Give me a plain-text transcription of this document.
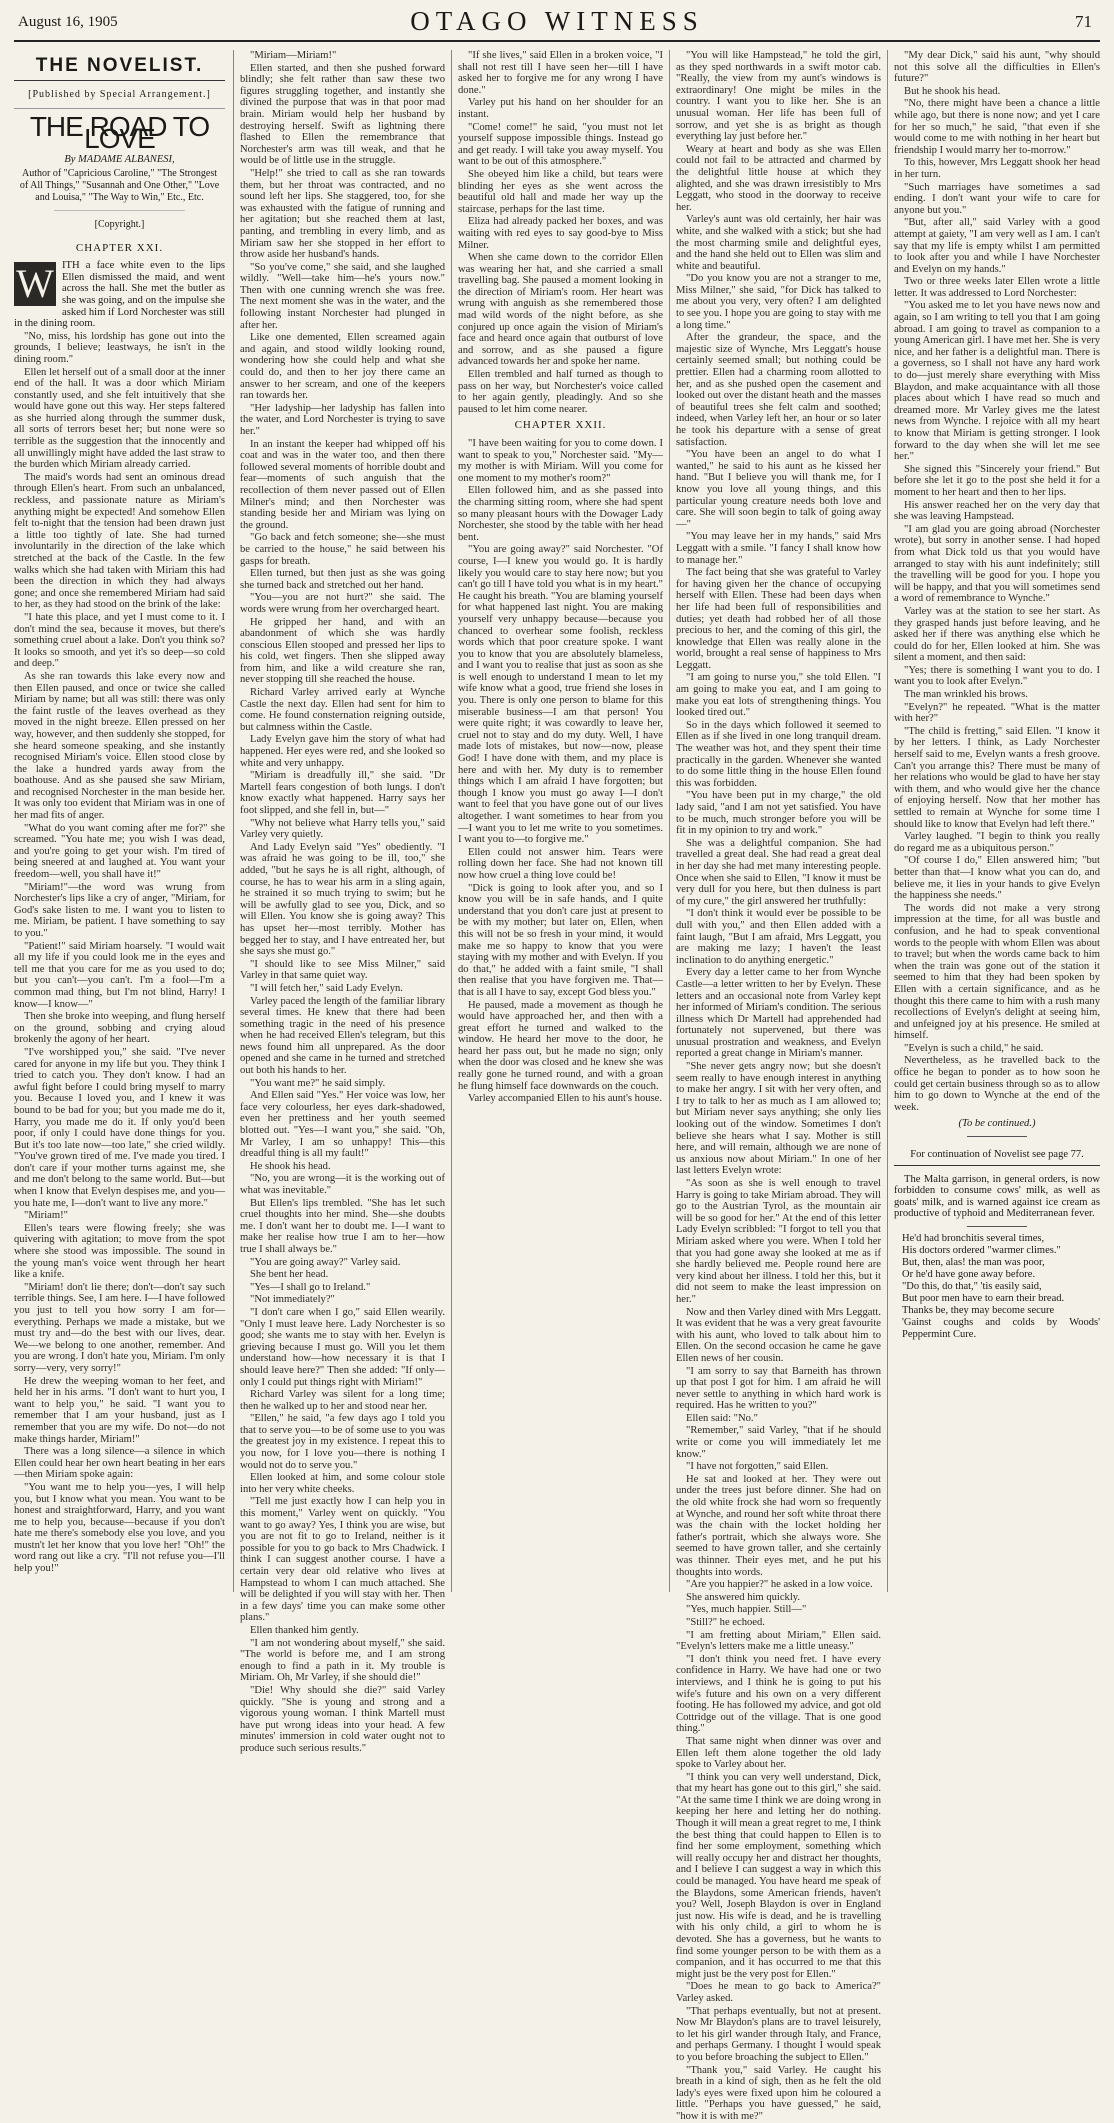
August 16, 1905	OTAGO WITNESS	71
THE NOVELIST.
[Published by Special Arrangement.]
THE ROAD TO LOVE
By MADAME ALBANESI,
Author of "Capricious Caroline," "The Strongest of All Things," "Susannah and One Other," "Love and Louisa," "The Way to Win," Etc., Etc.
[Copyright.]
CHAPTER XXI.

W ITH a face white even to the lips Ellen dismissed the maid, and went across the hall. She met the butler as she was going, and on the impulse she asked him if Lord Norchester was still in the dining room.

"No, miss, his lordship has gone out into the grounds, I believe; leastways, he isn't in the dining room."

Ellen let herself out of a small door at the inner end of the hall. It was a door which Miriam constantly used, and she felt intuitively that she would have gone out this way. Her steps faltered as she hurried along through the summer dusk, all sorts of terrors beset her; but none were so terrible as the suggestion that the innocently and all unwillingly might have added the last straw to the burden which Miriam already carried.

The maid's words had sent an ominous dread through Ellen's heart. From such an unbalanced, reckless, and passionate nature as Miriam's anything might be expected! And somehow Ellen felt to-night that the tension had been drawn just a little too tightly of late. She had turned involuntarily in the direction of the lake which stretched at the back of the Castle. In the few walks which she had taken with Miriam this had been the direction in which they had always gone; and once she remembered Miriam had said to her, as they had stood on the brink of the lake:

"I hate this place, and yet I must come to it. I don't mind the sea, because it moves, but there's something cruel about a lake. Don't you think so? It looks so smooth, and yet it's so deep—so cold and deep."

As she ran towards this lake every now and then Ellen paused, and once or twice she called Miriam by name; but all was still: there was only the faint rustle of the leaves overhead as they moved in the night breeze. Ellen pressed on her way, however, and then suddenly she stopped, for she heard someone speaking, and she instantly recognised Miriam's voice. Ellen stood close by the lake a hundred yards away from the boathouse. And as she paused she saw Miriam, and recognised Norchester in the man beside her. It was only too evident that Miriam was in one of her mad fits of anger.

"What do you want coming after me for?" she screamed. "You hate me; you wish I was dead, and you're going to get your wish. I'm tired of being sneered at and laughed at. You want your freedom—well, you shall have it!"

"Miriam!"—the word was wrung from Norchester's lips like a cry of anger, "Miriam, for God's sake listen to me. I want you to listen to me. Miriam, be patient. I have something to say to you."

"Patient!" said Miriam hoarsely. "I would wait all my life if you could look me in the eyes and tell me that you care for me as you used to do; but you can't—you can't. I'm a fool—I'm a common mad thing, but I'm not blind, Harry! I know—I know—"

Then she broke into weeping, and flung herself on the ground, sobbing and crying aloud brokenly the agony of her heart.

"I've worshipped you," she said. "I've never cared for anyone in my life but you. They think I tried to catch you. They don't know. I had an awful fight before I could bring myself to marry you. Because I loved you, and I knew it was bound to be bad for you; but you made me do it, Harry, you made me do it. If only you'd been poor, if only I could have done things for you. But it's too late now—too late," she cried wildly. "You've grown tired of me. I've made you tired. I don't care if your mother turns against me, she and me don't belong to the same world. But—but when I know that Evelyn despises me, and you—you hate me, I—don't want to live any more."

"Miriam!"

Ellen's tears were flowing freely; she was quivering with agitation; to move from the spot where she stood was impossible. The sound in the young man's voice went through her heart like a knife.

"Miriam! don't lie there; don't—don't say such terrible things. See, I am here. I—I have followed you just to tell you how sorry I am for—everything. Perhaps we made a mistake, but we must try and—do the best with our lives, dear. We—we belong to one another, remember. And you are wrong. I don't hate you, Miriam. I'm only sorry—very, very sorry!"

He drew the weeping woman to her feet, and held her in his arms. "I don't want to hurt you, I want to help you," he said. "I want you to remember that I am your husband, just as I remember that you are my wife. Do not—do not make things harder, Miriam!"

There was a long silence—a silence in which Ellen could hear her own heart beating in her ears—then Miriam spoke again:

"You want me to help you—yes, I will help you, but I know what you mean. You want to be honest and straightforward, Harry, and you want me to help you, because—because if you don't hate me there's somebody else you love, and you mustn't let her know that you love her! "Oh!" the word rang out like a cry. "I'll not refuse you—I'll help you!"

"Miriam—Miriam!"

Ellen started, and then she pushed forward blindly; she felt rather than saw these two figures struggling together, and instantly she divined the purpose that was in that poor mad brain. Miriam would help her husband by destroying herself. Swift as lightning there flashed to Ellen the remembrance that Norchester's arm was till weak, and that he would be of little use in the struggle.

"Help!" she tried to call as she ran towards them, but her throat was contracted, and no sound left her lips. She staggered, too, for she was exhausted with the fatigue of running and her agitation; but she reached them at last, panting, and trembling in every limb, and as Miriam saw her she stopped in her effort to throw aside her husband's hands.

"So you've come," she said, and she laughed wildly. "Well—take him—he's yours now." Then with one cunning wrench she was free. The next moment she was in the water, and the following instant Norchester had plunged in after her.

Like one demented, Ellen screamed again and again, and stood wildly looking round, wondering how she could help and what she could do, and then to her joy there came an answer to her scream, and one of the keepers ran towards her.

"Her ladyship—her ladyship has fallen into the water, and Lord Norchester is trying to save her."

In an instant the keeper had whipped off his coat and was in the water too, and then there followed several moments of horrible doubt and fear—moments of such anguish that the recollection of them never passed out of Ellen Milner's mind; and then Norchester was standing beside her and Miriam was lying on the ground.

"Go back and fetch someone; she—she must be carried to the house," he said between his gasps for breath.

Ellen turned, but then just as she was going she turned back and stretched out her hand.

"You—you are not hurt?" she said. The words were wrung from her overcharged heart.

He gripped her hand, and with an abandonment of which she was hardly conscious Ellen stooped and pressed her lips to his cold, wet fingers. Then she slipped away from him, and like a wild creature she ran, never stopping till she reached the house.

Richard Varley arrived early at Wynche Castle the next day. Ellen had sent for him to come. He found consternation reigning outside, but calmness within the Castle.

Lady Evelyn gave him the story of what had happened. Her eyes were red, and she looked so white and very unhappy.

"Miriam is dreadfully ill," she said. "Dr Martell fears congestion of both lungs. I don't know exactly what happened. Harry says her foot slipped, and she fell in, but—"

"Why not believe what Harry tells you," said Varley very quietly.

And Lady Evelyn said "Yes" obediently. "I was afraid he was going to be ill, too," she added, "but he says he is all right, although, of course, he has to wear his arm in a sling again, he strained it so much trying to swim; but he will be awfully glad to see you, Dick, and so will Ellen. You know she is going away? This has upset her—most terribly. Mother has begged her to stay, and I have entreated her, but she says she must go."

"I should like to see Miss Milner," said Varley in that same quiet way.

"I will fetch her," said Lady Evelyn.

Varley paced the length of the familiar library several times. He knew that there had been something tragic in the need of his presence when he had received Ellen's telegram, but this news found him all unprepared. As the door opened and she came in he turned and stretched out both his hands to her.

"You want me?" he said simply.

And Ellen said "Yes." Her voice was low, her face very colourless, her eyes dark-shadowed, even her prettiness and her youth seemed blotted out. "Yes—I want you," she said. "Oh, Mr Varley, I am so unhappy! This—this dreadful thing is all my fault!"

He shook his head.

"No, you are wrong—it is the working out of what was inevitable."

But Ellen's lips trembled. "She has let such cruel thoughts into her mind. She—she doubts me. I don't want her to doubt me. I—I want to make her realise how true I am to her—how true I shall always be."

"You are going away?" Varley said.

She bent her head.

"Yes—I shall go to Ireland."

"Not immediately?"

"I don't care when I go," said Ellen wearily. "Only I must leave here. Lady Norchester is so good; she wants me to stay with her. Evelyn is grieving because I must go. Will you let them understand how—how necessary it is that I should leave here?" Then she added: "If only—only I could put things right with Miriam!"

Richard Varley was silent for a long time; then he walked up to her and stood near her.

"Ellen," he said, "a few days ago I told you that to serve you—to be of some use to you was the greatest joy in my existence. I repeat this to you now, for I love you—there is nothing I would not do to serve you."

Ellen looked at him, and some colour stole into her very white cheeks.

"Tell me just exactly how I can help you in this moment," Varley went on quickly. "You want to go away? Yes, I think you are wise, but you are not fit to go to Ireland, neither is it possible for you to go back to Mrs Chadwick. I think I can suggest another course. I have a certain very dear old relative who lives at Hampstead to whom I can much attached. She will be delighted if you will stay with her. Then in a few days' time you can make some other plans."

Ellen thanked him gently.

"I am not wondering about myself," she said. "The world is before me, and I am strong enough to find a path in it. My trouble is Miriam. Oh, Mr Varley, if she should die!"

"Die! Why should she die?" said Varley quickly. "She is young and strong and a vigorous young woman. I think Martell must have put wrong ideas into your head. A few minutes' immersion in cold water ought not to produce such serious results."

"If she lives," said Ellen in a broken voice, "I shall not rest till I have seen her—till I have asked her to forgive me for any wrong I have done."

Varley put his hand on her shoulder for an instant.

"Come! come!" he said, "you must not let yourself suppose impossible things. Instead go and get ready. I will take you away myself. You want to be out of this atmosphere."

She obeyed him like a child, but tears were blinding her eyes as she went across the beautiful old hall and made her way up the staircase, perhaps for the last time.

Eliza had already packed her boxes, and was waiting with red eyes to say good-bye to Miss Milner.

When she came down to the corridor Ellen was wearing her hat, and she carried a small travelling bag. She paused a moment looking in the direction of Miriam's room. Her heart was wrung with anguish as she remembered those mad wild words of the night before, as she conjured up once again the vision of Miriam's face and heard once again that outburst of love and sorrow, and as she paused a figure advanced towards her and spoke her name.

Ellen trembled and half turned as though to pass on her way, but Norchester's voice called to her again gently, pleadingly. And so she paused to let him come nearer.

CHAPTER XXII.

"I have been waiting for you to come down. I want to speak to you," Norchester said. "My—my mother is with Miriam. Will you come for one moment to my mother's room?"

Ellen followed him, and as she passed into the charming sitting room, where she had spent so many pleasant hours with the Dowager Lady Norchester, she stood by the table with her head bent.

"You are going away?" said Norchester. "Of course, I—I knew you would go. It is hardly likely you would care to stay here now; but you can't go till I have told you what is in my heart." He caught his breath. "You are blaming yourself for what happened last night. You are making yourself very unhappy because—because you chanced to overhear some foolish, reckless words which that poor creature spoke. I want you to know that you are absolutely blameless, and I want you to realise that just as soon as she is well enough to understand I mean to let my wife know what a good, true friend she loses in you. There is only one person to blame for this miserable business—I am that person! You were quite right; it was cowardly to leave her, cruel not to stay and do my duty. Well, I have made lots of mistakes, but now—now, please God! I have done with them, and my place is here and with her. My duty is to remember things which I am afraid I have forgotten; but though I know you must go away I—I don't want to feel that you have gone out of our lives altogether. I want sometimes to hear from you—I want you to let me write to you sometimes. I want you to—to forgive me."

Ellen could not answer him. Tears were rolling down her face. She had not known till now how cruel a thing love could be!

"Dick is going to look after you, and so I know you will be in safe hands, and I quite understand that you don't care just at present to be with my mother; but later on, Ellen, when this will not be so fresh in your mind, it would make me so happy to know that you were staying with my mother and with Evelyn. If you do that," he added with a faint smile, "I shall then realise that you have forgiven me. That—that is all I have to say, except God bless you."

He paused, made a movement as though he would have approached her, and then with a great effort he turned and walked to the window. He heard her move to the door, he heard her pass out, but he made no sign; only when the door was closed and he knew she was really gone he turned round, and with a groan he flung himself face downwards on the couch.

Varley accompanied Ellen to his aunt's house.

"You will like Hampstead," he told the girl, as they sped northwards in a swift motor cab. "Really, the view from my aunt's windows is extraordinary! One might be miles in the country. I want you to like her. She is an unusual woman. Her life has been full of sorrow, and yet she is as bright as though everything lay just before her."

Weary at heart and body as she was Ellen could not fail to be attracted and charmed by the delightful little house at which they alighted, and she was drawn irresistibly to Mrs Leggatt, who stood in the doorway to receive her.

Varley's aunt was old certainly, her hair was white, and she walked with a stick; but she had the most charming smile and delightful eyes, and the hand she held out to Ellen was slim and white and beautiful.

"Do you know you are not a stranger to me, Miss Milner," she said, "for Dick has talked to me about you very, very often? I am delighted to see you. I hope you are going to stay with me a long time."

After the grandeur, the space, and the majestic size of Wynche, Mrs Leggatt's house certainly seemed small; but nothing could be prettier. Ellen had a charming room allotted to her, and as she pushed open the casement and looked out over the distant heath and the masses of beautiful trees she felt calm and soothed; indeed, when Varley left her, an hour or so later he took his departure with a sense of great satisfaction.

"You have been an angel to do what I wanted," he said to his aunt as he kissed her hand. "But I believe you will thank me, for I know you love all young things, and this particular young creature needs both love and care. She will soon begin to talk of going away—"

"You may leave her in my hands," said Mrs Leggatt with a smile. "I fancy I shall know how to manage her."

The fact being that she was grateful to Varley for having given her the chance of occupying herself with Ellen. These had been days when her life had been full of responsibilities and duties; yet death had robbed her of all those precious to her, and the coming of this girl, the knowledge that Ellen was really alone in the world, brought a real sense of happiness to Mrs Leggatt.

"I am going to nurse you," she told Ellen. "I am going to make you eat, and I am going to make you eat lots of strengthening things. You looked tired out."

So in the days which followed it seemed to Ellen as if she lived in one long tranquil dream. The weather was hot, and they spent their time practically in the garden. Whenever she wanted to do some little thing in the house Ellen found this was forbidden.

"You have been put in my charge," the old lady said, "and I am not yet satisfied. You have to be much, much stronger before you will be fit in my opinion to try and work."

She was a delightful companion. She had travelled a great deal. She had read a great deal in her day she had met many interesting people. Once when she said to Ellen, "I know it must be very dull for you here, but then dulness is part of my cure," the girl answered her truthfully:

"I don't think it would ever be possible to be dull with you," and then Ellen added with a faint laugh, "But I am afraid, Mrs Leggatt, you are making me lazy; I haven't the least inclination to do anything energetic."

Every day a letter came to her from Wynche Castle—a letter written to her by Evelyn. These letters and an occasional note from Varley kept her informed of Miriam's condition. The serious illness which Dr Martell had apprehended had fortunately not supervened, but there was unusual prostration and weakness, and Evelyn reported a great change in Miriam's manner.

"She never gets angry now; but she doesn't seem really to have enough interest in anything to make her angry. I sit with her very often, and I try to talk to her as much as I am allowed to; but Miriam never says anything; she only lies looking out of the window. Sometimes I don't believe she hears what I say. Mother is still here, and will remain, although we are none of us anxious now about Miriam." In one of her last letters Evelyn wrote:

"As soon as she is well enough to travel Harry is going to take Miriam abroad. They will go to the Austrian Tyrol, as the mountain air will be so good for her." At the end of this letter Lady Evelyn scribbled: "I forgot to tell you that Miriam asked where you were. When I told her that you had gone away she looked at me as if she hardly believed me. People round here are very kind about her illness. I told her this, but it did not seem to make the least impression on her."

Now and then Varley dined with Mrs Leggatt. It was evident that he was a very great favourite with his aunt, who loved to talk about him to Ellen. On the second occasion he came he gave Ellen news of her cousin.

"I am sorry to say that Barneith has thrown up that post I got for him. I am afraid he will never settle to anything in which hard work is required. Has he written to you?"

Ellen said: "No."

"Remember," said Varley, "that if he should write or come you will immediately let me know."

"I have not forgotten," said Ellen.

He sat and looked at her. They were out under the trees just before dinner. She had on the old white frock she had worn so frequently at Wynche, and round her soft white throat there was the chain with the locket holding her father's portrait, which she always wore. She seemed to have grown taller, and she certainly was thinner. Their eyes met, and he put his thoughts into words.

"Are you happier?" he asked in a low voice.

She answered him quickly.

"Yes, much happier. Still—"

"Still?" he echoed.

"I am fretting about Miriam," Ellen said. "Evelyn's letters make me a little uneasy."

"I don't think you need fret. I have every confidence in Harry. We have had one or two interviews, and I think he is going to put his wife's future and his own on a very different footing. He has followed my advice, and got old Cottridge out of the village. That is one good thing."

That same night when dinner was over and Ellen left them alone together the old lady spoke to Varley about her.

"I think you can very well understand, Dick, that my heart has gone out to this girl," she said. "At the same time I think we are doing wrong in keeping her here and letting her do nothing. Though it will mean a great regret to me, I think the best thing that could happen to Ellen is to find her some employment, something which will really occupy her and distract her thoughts, and I believe I can suggest a way in which this could be managed. You have heard me speak of the Blaydons, some American friends, haven't you? Well, Joseph Blaydon is over in England just now. His wife is dead, and he is travelling with his only child, a girl to whom he is devoted. She has a governess, but he wants to find some younger person to be with them as a companion, and it has occurred to me that this might just be the very post for Ellen."

"Does he mean to go back to America?" Varley asked.

"That perhaps eventually, but not at present. Now Mr Blaydon's plans are to travel leisurely, to let his girl wander through Italy, and France, and perhaps Germany. I thought I would speak to you before broaching the subject to Ellen."

"Thank you," said Varley. He caught his breath in a kind of sigh, then as he felt the old lady's eyes were fixed upon him he coloured a little. "Perhaps you have guessed," he said, "how it is with me?"

"My dear Dick," said his aunt, "why should not this solve all the difficulties in Ellen's future?"

But he shook his head.

"No, there might have been a chance a little while ago, but there is none now; and yet I care for her so much," he said, "that even if she would come to me with nothing in her heart but friendship I would marry her to-morrow."

To this, however, Mrs Leggatt shook her head in her turn.

"Such marriages have sometimes a sad ending. I don't want your wife to care for anyone but you."

"But, after all," said Varley with a good attempt at gaiety, "I am very well as I am. I can't say that my life is empty whilst I am permitted to look after you and while I have Norchester and Evelyn on my hands."

Two or three weeks later Ellen wrote a little letter. It was addressed to Lord Norchester:

"You asked me to let you have news now and again, so I am writing to tell you that I am going abroad. I am going to travel as companion to a young American girl. I have met her. She is very nice, and her father is a delightful man. There is a governess, so I shall not have any hard work to do—just merely share everything with Miss Blaydon, and make acquaintance with all those places about which I have read so much and dreamed more. Mr Varley gives me the latest news from Wynche. I rejoice with all my heart to know that Miriam is getting stronger. I look forward to the day when she will let me see her."

She signed this "Sincerely your friend." But before she let it go to the post she held it for a moment to her heart and then to her lips.

His answer reached her on the very day that she was leaving Hampstead.

"I am glad you are going abroad (Norchester wrote), but sorry in another sense. I had hoped from what Dick told us that you would have arranged to stay with his aunt indefinitely; still the travelling will be good for you. I hope you will be happy, and that you will sometimes send a word of remembrance to Wynche."

Varley was at the station to see her start. As they grasped hands just before leaving, and he asked her if there was anything else which he could do for her, Ellen looked at him. She was silent a moment, and then said:

"Yes; there is something I want you to do. I want you to look after Evelyn."

The man wrinkled his brows.

"Evelyn?" he repeated. "What is the matter with her?"

"The child is fretting," said Ellen. "I know it by her letters. I think, as Lady Norchester herself said to me, Evelyn wants a fresh groove. Can't you arrange this? There must be many of her relations who would be glad to have her stay with them, and who would give her the chance of enjoying herself. Now that her mother has settled to remain at Wynche for some time I should like to know that Evelyn had left there."

Varley laughed. "I begin to think you really do regard me as a ubiquitous person."

"Of course I do," Ellen answered him; "but better than that—I know what you can do, and believe me, it lies in your hands to give Evelyn the happiness she needs."

The words did not make a very strong impression at the time, for all was bustle and confusion, and he had to speak conventional words to the people with whom Ellen was about to travel; but when the words came back to him when the train was gone out of the station it seemed to him that they had been spoken by Ellen with a certain significance, and as he thought this there came to him with a rush many recollections of Evelyn's delight at seeing him, and unfeigned joy at his presence. He smiled at himself.

"Evelyn is such a child," he said.

Nevertheless, as he travelled back to the office he began to ponder as to how soon he could get certain business through so as to allow him to go down to Wynche at the end of the week.

(To be continued.)
For continuation of Novelist see page 77.

The Malta garrison, in general orders, is now forbidden to consume cows' milk, as well as goats' milk, and is warned against ice cream as productive of typhoid and Mediterranean fever.

He'd had bronchitis several times,
His doctors ordered "warmer climes."
But, then, alas! the man was poor,
Or he'd have gone away before.
"Do this, do that," 'tis easily said,
But poor men have to earn their bread.
Thanks be, they may become secure
'Gainst coughs and colds by Woods' Peppermint Cure.
